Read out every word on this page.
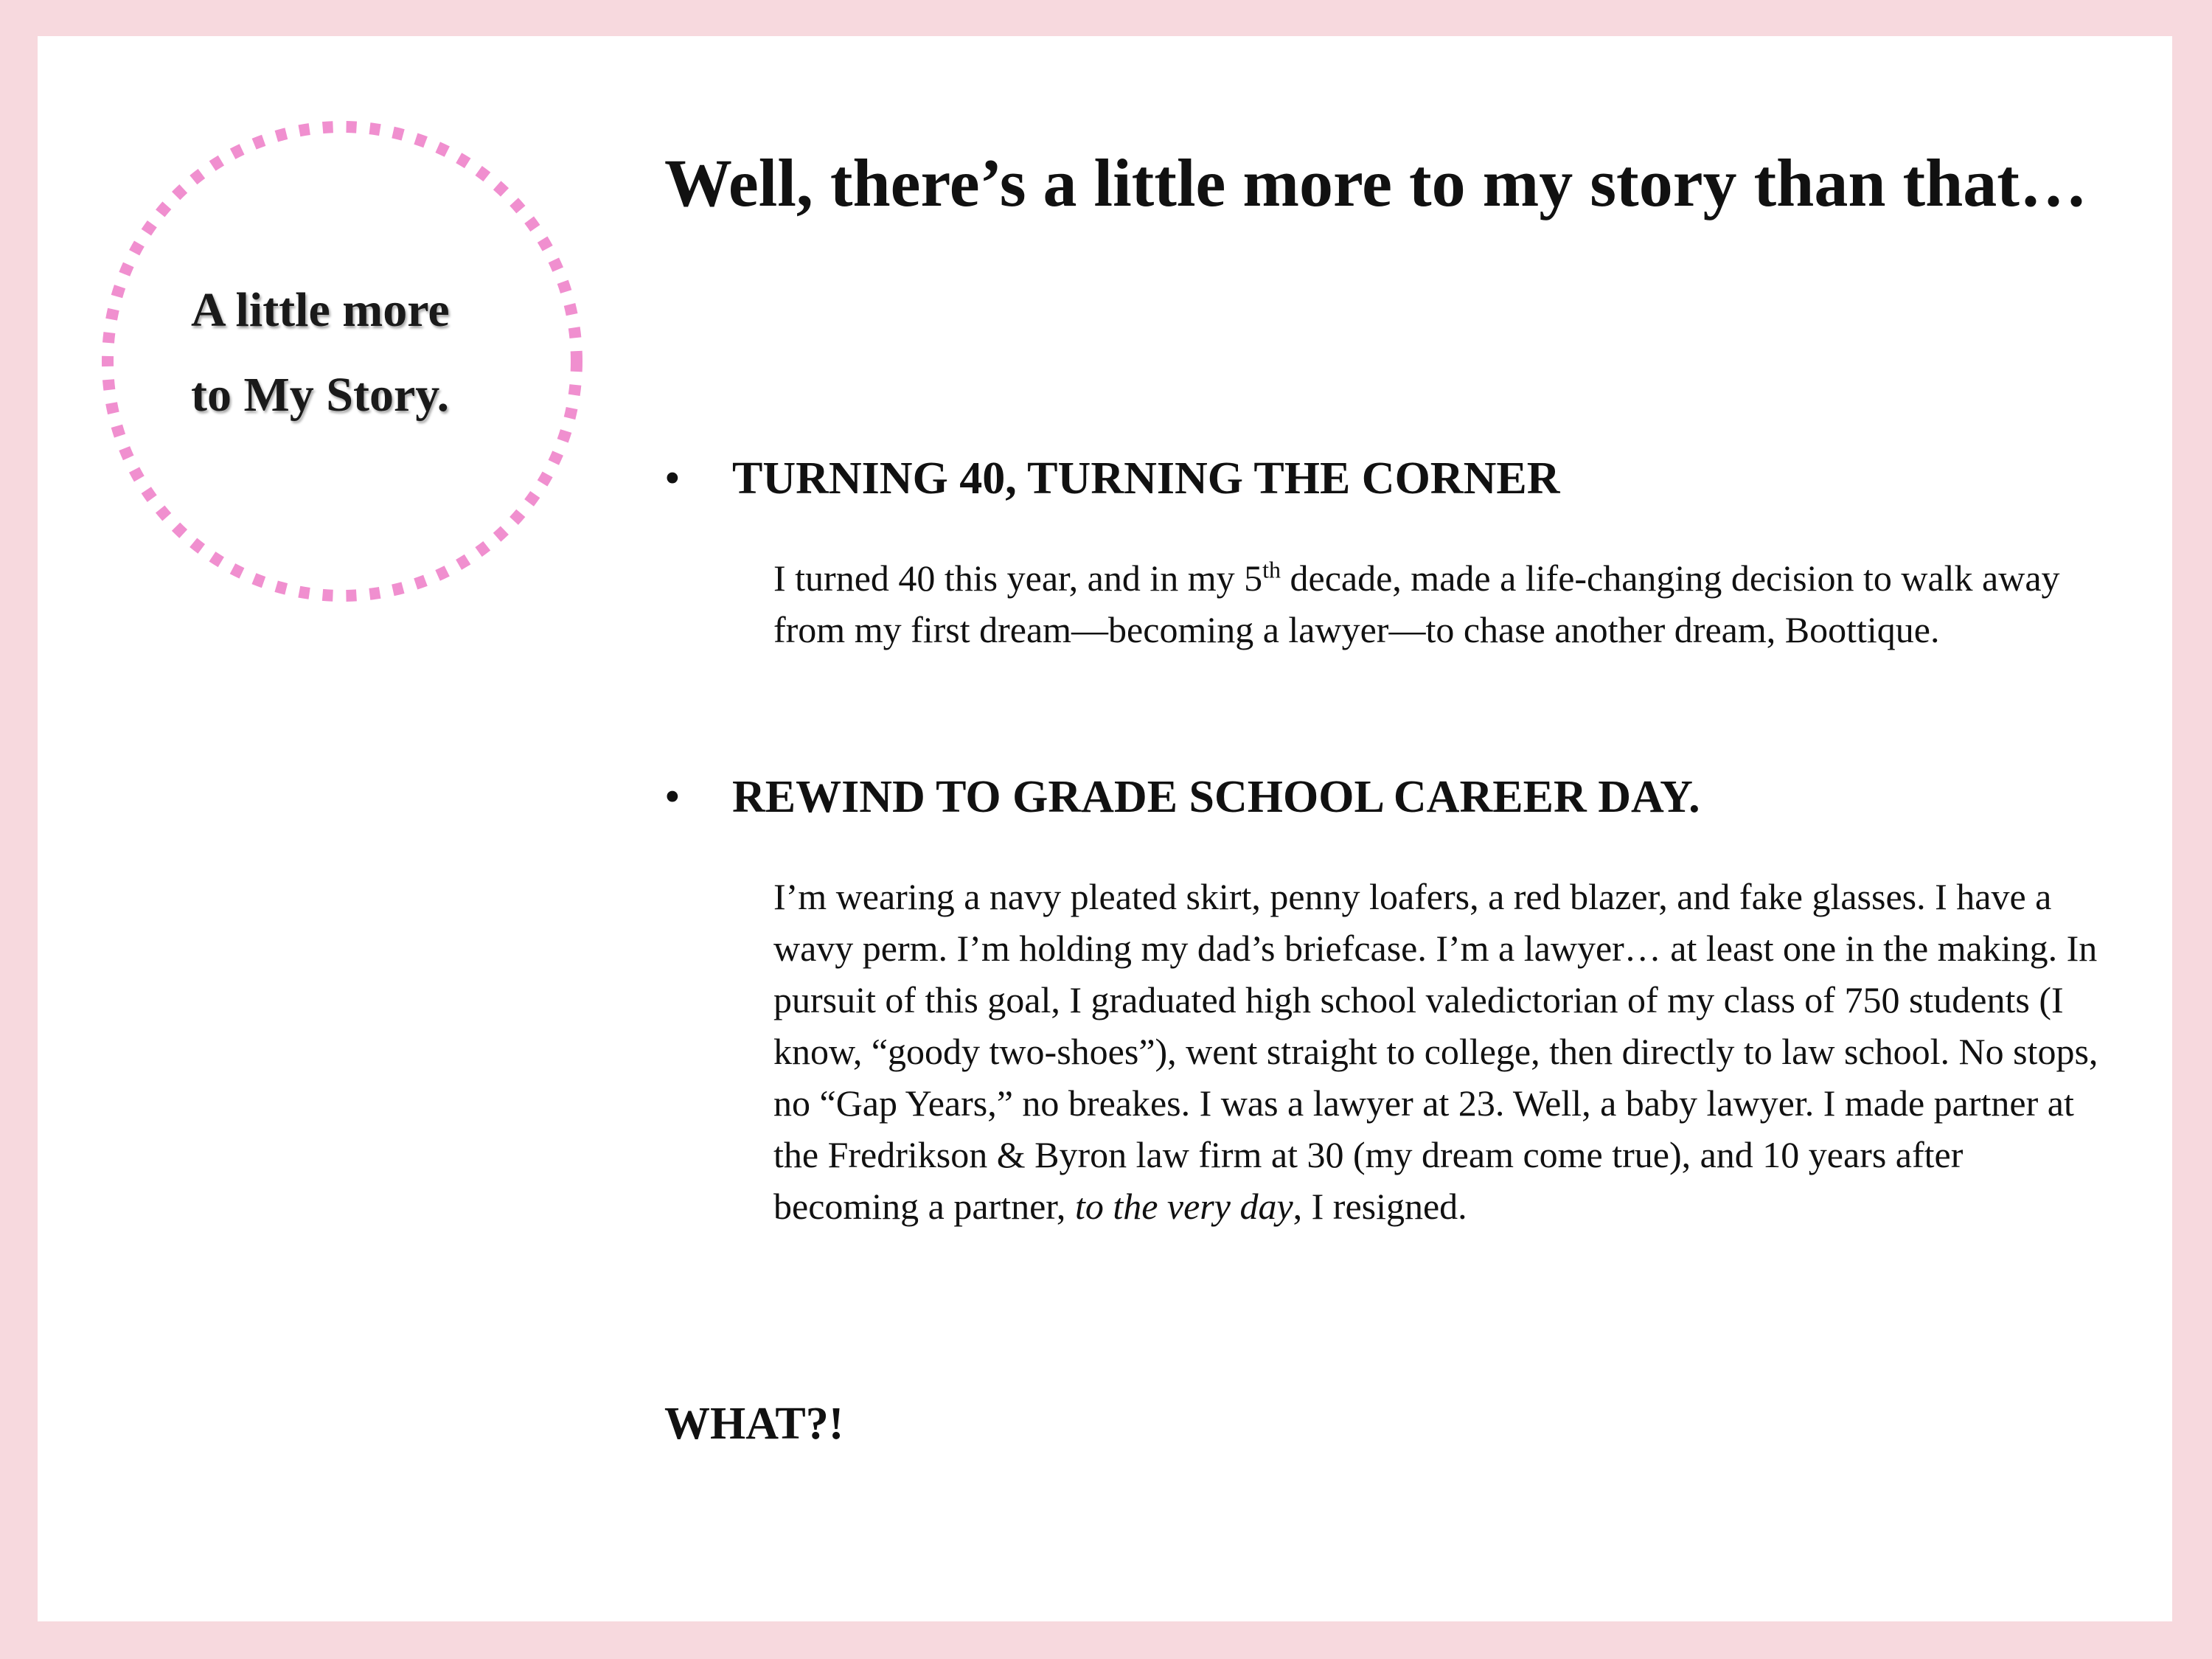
A little more
to My Story.
Well, there’s a little more to my story than that…
• TURNING 40, TURNING THE CORNER

I turned 40 this year, and in my 5th decade, made a life-changing decision to walk away from my first dream—becoming a lawyer—to chase another dream, Boottique.

• REWIND TO GRADE SCHOOL CAREER DAY.

I’m wearing a navy pleated skirt, penny loafers, a red blazer, and fake glasses. I have a wavy perm. I’m holding my dad’s briefcase. I’m a lawyer… at least one in the making. In pursuit of this goal, I graduated high school valedictorian of my class of 750 students (I know, “goody two-shoes”), went straight to college, then directly to law school. No stops, no “Gap Years,” no breakes. I was a lawyer at 23. Well, a baby lawyer. I made partner at the Fredrikson & Byron law firm at 30 (my dream come true), and 10 years after becoming a partner, to the very day, I resigned.

WHAT?!
